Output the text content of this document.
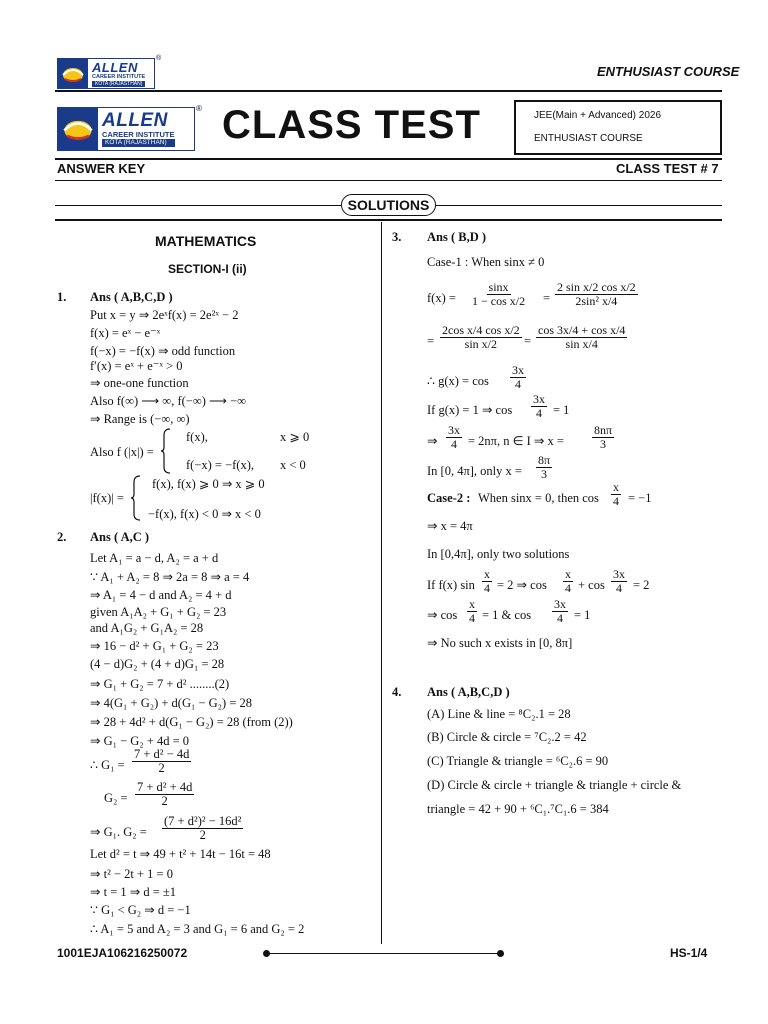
ALLEN
CAREER INSTITUTE
KOTA (RAJASTHAN)
®
ENTHUSIAST COURSE
ALLEN
CAREER INSTITUTE
KOTA (RAJASTHAN)
® CLASS TEST	JEE(Main + Advanced) 2026
ENTHUSIAST COURSE
ANSWER KEY	CLASS TEST # 7
SOLUTIONS
MATHEMATICS
SECTION-I (ii)
1. Ans ( A,B,C,D )
Put x = y ⇒ 2eˣf(x) = 2e²ˣ − 2
f(x) = eˣ − e⁻ˣ
f(−x) = −f(x) ⇒ odd function
f′(x) = eˣ + e⁻ˣ > 0
⇒ one-one function
Also f(∞) ⟶ ∞, f(−∞) ⟶ −∞
⇒ Range is (−∞, ∞)
Also f (|x|) =
f(x),	x ⩾ 0
f(−x) = −f(x), x < 0
|f(x)| =
f(x), f(x) ⩾ 0 ⇒ x ⩾ 0
−f(x), f(x) < 0 ⇒ x < 0
2. Ans ( A,C )
Let A₁ = a − d, A₂ = a + d
∵ A₁ + A₂ = 8 ⇒ 2a = 8 ⇒ a = 4
⇒ A₁ = 4 − d and A₂ = 4 + d
given A₁A₂ + G₁ + G₂ = 23
and A₁G₂ + G₁A₂ = 28
⇒ 16 − d² + G₁ + G₂ = 23
(4 − d)G₂ + (4 + d)G₁ = 28
⇒ G₁ + G₂ = 7 + d² ........(2)
⇒ 4(G₁ + G₂) + d(G₁ − G₂) = 28
⇒ 28 + 4d² + d(G₁ − G₂) = 28 (from (2))
⇒ G₁ − G₂ + 4d = 0
∴ $G_1 = \frac{\text{7 + d² − 4d}}{2}$
$G_2 = \frac{\text{7 + d² + 4d}}{2}$
⇒ G₁. $G_2 = \frac{\text{(7 + d²)² − 16d²}}{2}$
Let d² = t ⇒ 49 + t² + 14t − 16t = 48
⇒ t² − 2t + 1 = 0
⇒ t = 1 ⇒ d = ±1
∵ G₁ < G₂ ⇒ d = −1
∴ A₁ = 5 and A₂ = 3 and G₁ = 6 and G₂ = 2
3. Ans ( B,D )
Case-1 : When sinx ≠ 0
$f(x) = \frac{\sin x}{\text{1 − cos x/2}} = \frac{\text{2 sin x/2 cos x/2}}{\text{2sin² x/4}}$
= $\frac{\text{2cos x/4 cos x/2}}{\text{sin x/2}} = \frac{\text{cos 3x/4 + cos x/4}}{\text{sin x/4}}$
∴ $g(x) = \cos \frac{3x}{4}$
If g(x) = 1 ⇒ $\cos \frac{3x}{4} = 1$
⇒ $\frac{3x}{4} = 2n\pi$, n ∈ I ⇒ $x = \frac{8n\pi}{3}$
In [0, 4π], only $x = \frac{8\pi}{3}$
Case-2 : When sinx = 0, then $\cos \frac{x}{4} = -1$
⇒ x = 4π
In [0,4π], only two solutions
If f(x) $\sin \frac{x}{4} = 2$ ⇒ $\cos \frac{x}{4} + \cos \frac{3x}{4} = 2$
⇒ $\cos \frac{x}{4} = 1$ & $\cos \frac{3x}{4} = 1$
⇒ No such x exists in [0, 8π]
4. Ans ( A,B,C,D )
(A) Line & line = ⁸C₂.1 = 28
(B) Circle & circle = ⁷C₂.2 = 42
(C) Triangle & triangle = ⁶C₂.6 = 90
(D) Circle & circle + triangle & triangle + circle &
triangle = 42 + 90 + ⁶C₁.⁷C₁.6 = 384
1001EJA106216250072	HS-1/4
